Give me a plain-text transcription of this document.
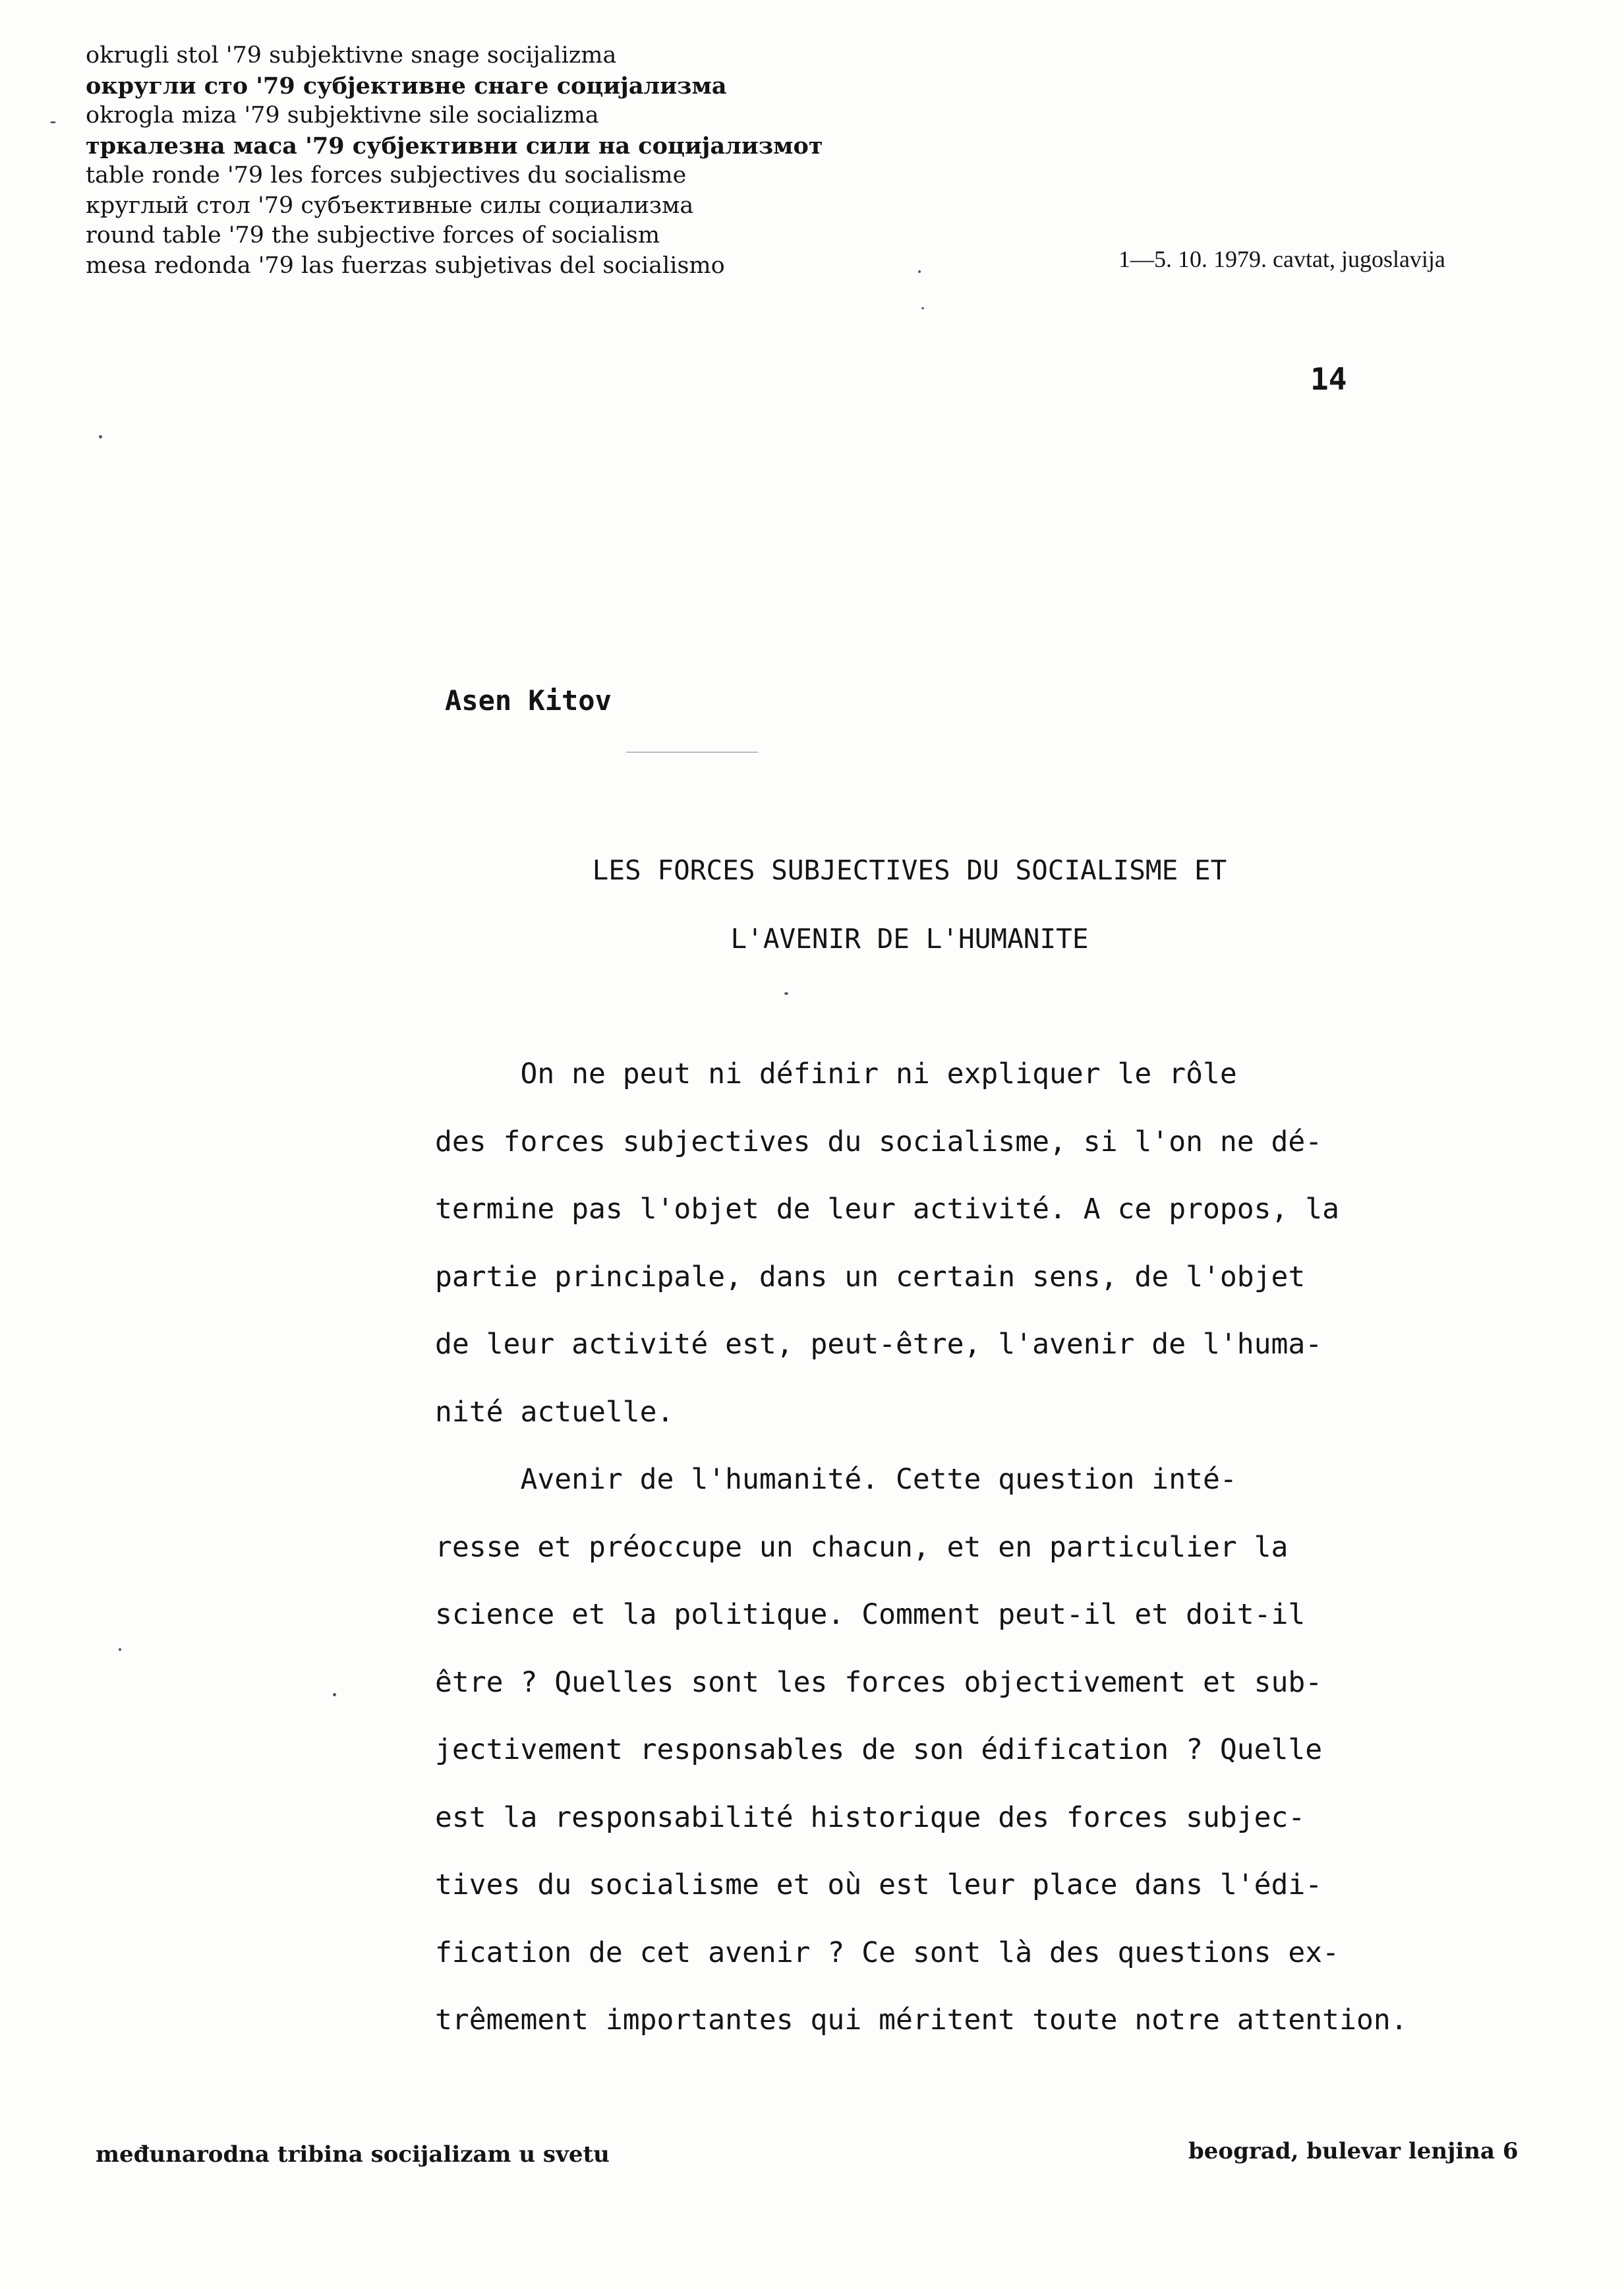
okrugli stol '79 subjektivne snage socijalizma
округли сто '79 субјективне снаге социјализма
okrogla miza '79 subjektivne sile socializma
тркалезна маса '79 субјективни сили на социјализмот
table ronde '79 les forces subjectives du socialisme
круглый стол '79 субъективные силы социализма
round table '79 the subjective forces of socialism
mesa redonda '79 las fuerzas subjetivas del socialismo	1—5. 10. 1979. cavtat, jugoslavija
14
Asen Kitov
LES FORCES SUBJECTIVES DU SOCIALISME ET
L'AVENIR DE L'HUMANITE
On ne peut ni définir ni expliquer le rôle
des forces subjectives du socialisme, si l'on ne dé-
termine pas l'objet de leur activité. A ce propos, la
partie principale, dans un certain sens, de l'objet
de leur activité est, peut-être, l'avenir de l'huma-
nité actuelle.
Avenir de l'humanité. Cette question inté-
resse et préoccupe un chacun, et en particulier la
science et la politique. Comment peut-il et doit-il
être ? Quelles sont les forces objectivement et sub-
jectivement responsables de son édification ? Quelle
est la responsabilité historique des forces subjec-
tives du socialisme et où est leur place dans l'édi-
fication de cet avenir ? Ce sont là des questions ex-
trêmement importantes qui méritent toute notre attention.
međunarodna tribina socijalizam u svetu	beograd, bulevar lenjina 6
